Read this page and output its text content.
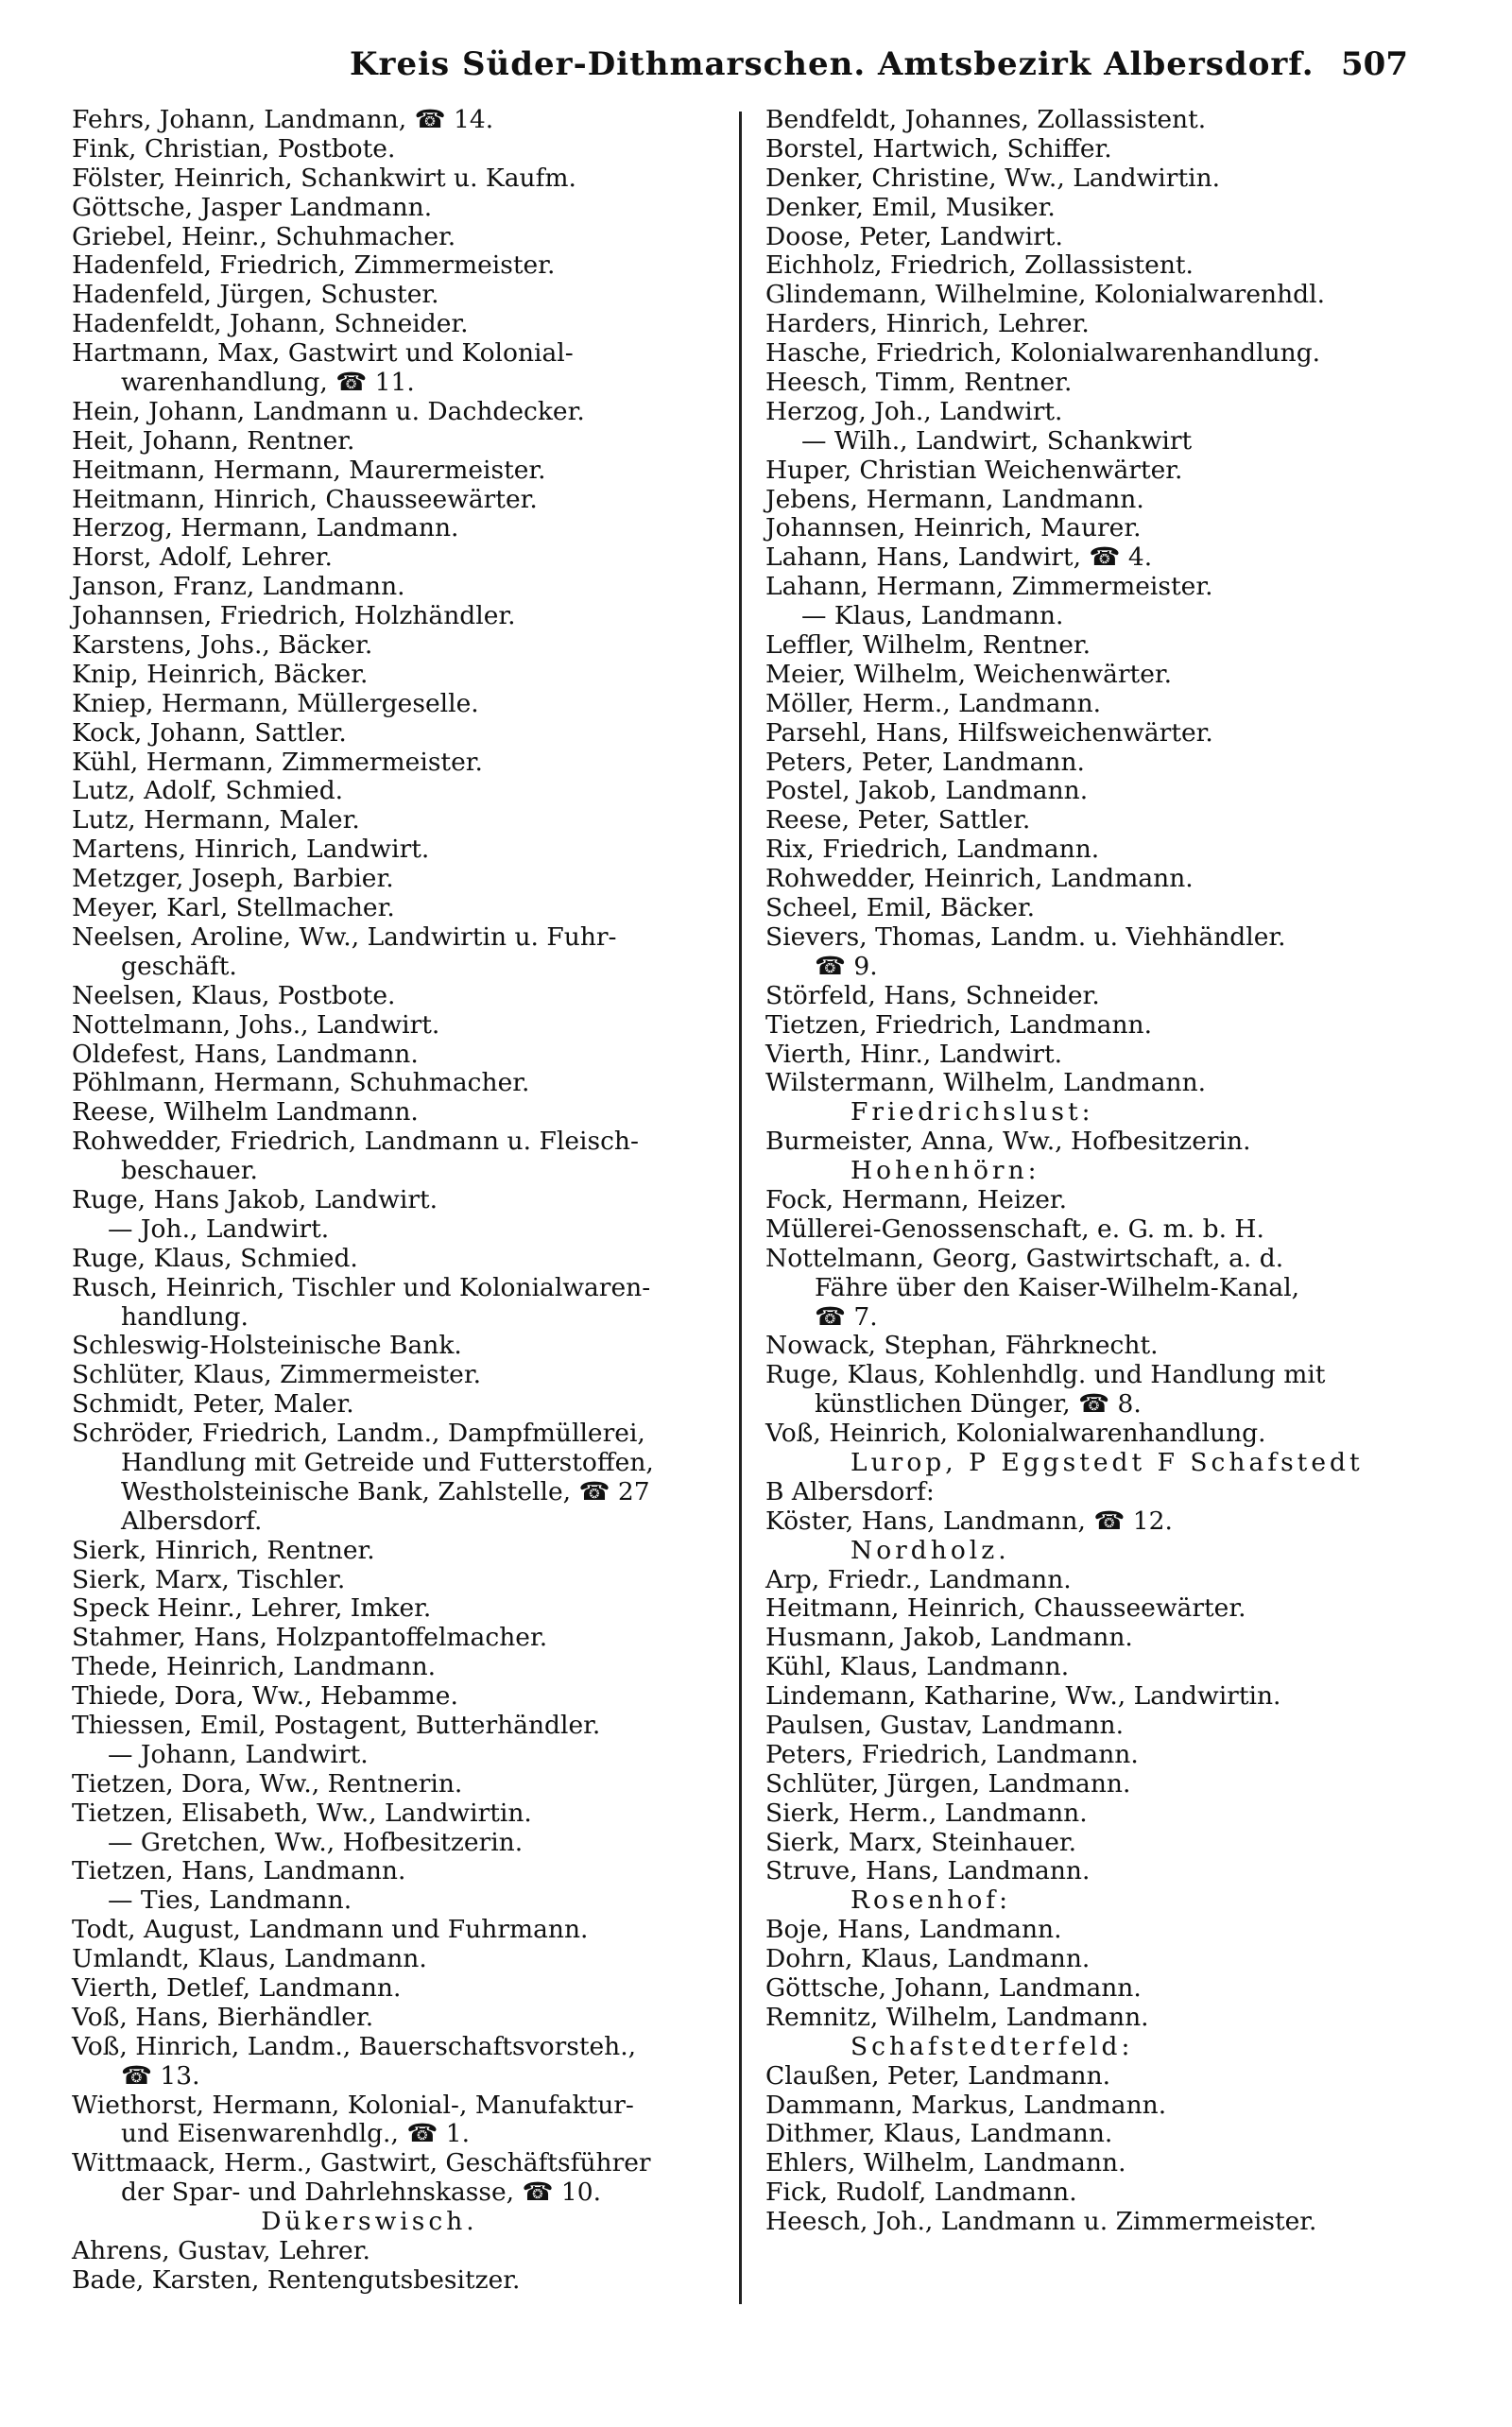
Kreis Süder-Dithmarschen. Amtsbezirk Albersdorf. 507
Fehrs, Johann, Landmann, ☎ 14.
Fink, Christian, Postbote.
Fölster, Heinrich, Schankwirt u. Kaufm.
Göttsche, Jasper Landmann.
Griebel, Heinr., Schuhmacher.
Hadenfeld, Friedrich, Zimmermeister.
Hadenfeld, Jürgen, Schuster.
Hadenfeldt, Johann, Schneider.
Hartmann, Max, Gastwirt und Kolonial-
warenhandlung, ☎ 11.
Hein, Johann, Landmann u. Dachdecker.
Heit, Johann, Rentner.
Heitmann, Hermann, Maurermeister.
Heitmann, Hinrich, Chausseewärter.
Herzog, Hermann, Landmann.
Horst, Adolf, Lehrer.
Janson, Franz, Landmann.
Johannsen, Friedrich, Holzhändler.
Karstens, Johs., Bäcker.
Knip, Heinrich, Bäcker.
Kniep, Hermann, Müllergeselle.
Kock, Johann, Sattler.
Kühl, Hermann, Zimmermeister.
Lutz, Adolf, Schmied.
Lutz, Hermann, Maler.
Martens, Hinrich, Landwirt.
Metzger, Joseph, Barbier.
Meyer, Karl, Stellmacher.
Neelsen, Aroline, Ww., Landwirtin u. Fuhr-
geschäft.
Neelsen, Klaus, Postbote.
Nottelmann, Johs., Landwirt.
Oldefest, Hans, Landmann.
Pöhlmann, Hermann, Schuhmacher.
Reese, Wilhelm Landmann.
Rohwedder, Friedrich, Landmann u. Fleisch-
beschauer.
Ruge, Hans Jakob, Landwirt.
— Joh., Landwirt.
Ruge, Klaus, Schmied.
Rusch, Heinrich, Tischler und Kolonialwaren-
handlung.
Schleswig-Holsteinische Bank.
Schlüter, Klaus, Zimmermeister.
Schmidt, Peter, Maler.
Schröder, Friedrich, Landm., Dampfmüllerei,
Handlung mit Getreide und Futterstoffen,
Westholsteinische Bank, Zahlstelle, ☎ 27
Albersdorf.
Sierk, Hinrich, Rentner.
Sierk, Marx, Tischler.
Speck Heinr., Lehrer, Imker.
Stahmer, Hans, Holzpantoffelmacher.
Thede, Heinrich, Landmann.
Thiede, Dora, Ww., Hebamme.
Thiessen, Emil, Postagent, Butterhändler.
— Johann, Landwirt.
Tietzen, Dora, Ww., Rentnerin.
Tietzen, Elisabeth, Ww., Landwirtin.
— Gretchen, Ww., Hofbesitzerin.
Tietzen, Hans, Landmann.
— Ties, Landmann.
Todt, August, Landmann und Fuhrmann.
Umlandt, Klaus, Landmann.
Vierth, Detlef, Landmann.
Voß, Hans, Bierhändler.
Voß, Hinrich, Landm., Bauerschaftsvorsteh.,
☎ 13.
Wiethorst, Hermann, Kolonial-, Manufaktur-
und Eisenwarenhdlg., ☎ 1.
Wittmaack, Herm., Gastwirt, Geschäftsführer
der Spar- und Dahrlehnskasse, ☎ 10.
Dükerswisch.
Ahrens, Gustav, Lehrer.
Bade, Karsten, Rentengutsbesitzer.
Bendfeldt, Johannes, Zollassistent.
Borstel, Hartwich, Schiffer.
Denker, Christine, Ww., Landwirtin.
Denker, Emil, Musiker.
Doose, Peter, Landwirt.
Eichholz, Friedrich, Zollassistent.
Glindemann, Wilhelmine, Kolonialwarenhdl.
Harders, Hinrich, Lehrer.
Hasche, Friedrich, Kolonialwarenhandlung.
Heesch, Timm, Rentner.
Herzog, Joh., Landwirt.
— Wilh., Landwirt, Schankwirt
Huper, Christian Weichenwärter.
Jebens, Hermann, Landmann.
Johannsen, Heinrich, Maurer.
Lahann, Hans, Landwirt, ☎ 4.
Lahann, Hermann, Zimmermeister.
— Klaus, Landmann.
Leffler, Wilhelm, Rentner.
Meier, Wilhelm, Weichenwärter.
Möller, Herm., Landmann.
Parsehl, Hans, Hilfsweichenwärter.
Peters, Peter, Landmann.
Postel, Jakob, Landmann.
Reese, Peter, Sattler.
Rix, Friedrich, Landmann.
Rohwedder, Heinrich, Landmann.
Scheel, Emil, Bäcker.
Sievers, Thomas, Landm. u. Viehhändler.
☎ 9.
Störfeld, Hans, Schneider.
Tietzen, Friedrich, Landmann.
Vierth, Hinr., Landwirt.
Wilstermann, Wilhelm, Landmann.
Friedrichslust:
Burmeister, Anna, Ww., Hofbesitzerin.
Hohenhörn:
Fock, Hermann, Heizer.
Müllerei-Genossenschaft, e. G. m. b. H.
Nottelmann, Georg, Gastwirtschaft, a. d.
Fähre über den Kaiser-Wilhelm-Kanal,
☎ 7.
Nowack, Stephan, Fährknecht.
Ruge, Klaus, Kohlenhdlg. und Handlung mit
künstlichen Dünger, ☎ 8.
Voß, Heinrich, Kolonialwarenhandlung.
Lurop, P Eggstedt F Schafstedt
B Albersdorf:
Köster, Hans, Landmann, ☎ 12.
Nordholz.
Arp, Friedr., Landmann.
Heitmann, Heinrich, Chausseewärter.
Husmann, Jakob, Landmann.
Kühl, Klaus, Landmann.
Lindemann, Katharine, Ww., Landwirtin.
Paulsen, Gustav, Landmann.
Peters, Friedrich, Landmann.
Schlüter, Jürgen, Landmann.
Sierk, Herm., Landmann.
Sierk, Marx, Steinhauer.
Struve, Hans, Landmann.
Rosenhof:
Boje, Hans, Landmann.
Dohrn, Klaus, Landmann.
Göttsche, Johann, Landmann.
Remnitz, Wilhelm, Landmann.
Schafstedterfeld:
Claußen, Peter, Landmann.
Dammann, Markus, Landmann.
Dithmer, Klaus, Landmann.
Ehlers, Wilhelm, Landmann.
Fick, Rudolf, Landmann.
Heesch, Joh., Landmann u. Zimmermeister.
